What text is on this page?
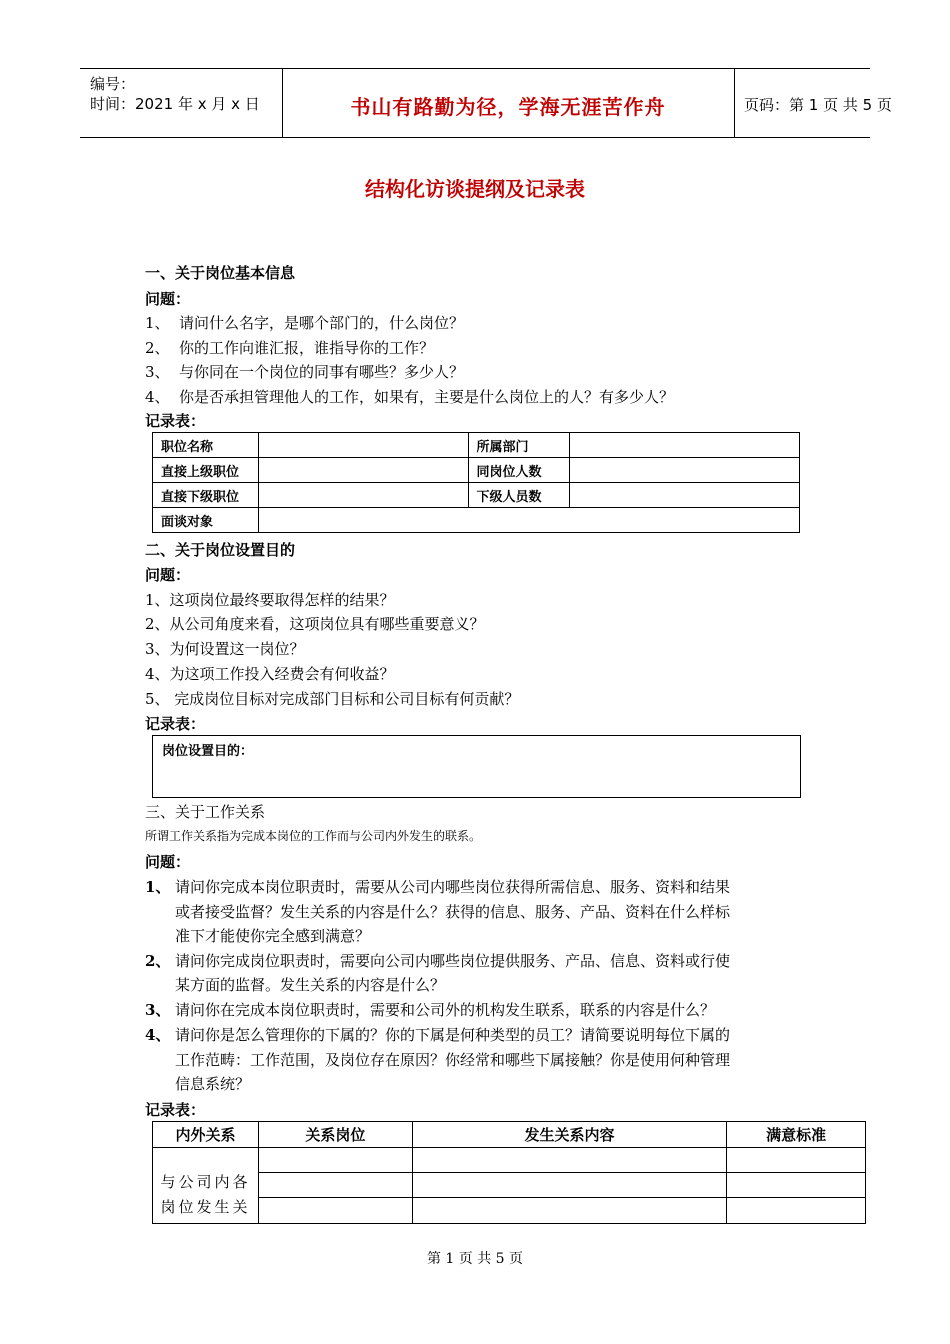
编号：
时间：2021 年 x 月 x 日	书山有路勤为径，学海无涯苦作舟	页码：第 1 页 共 5 页
结构化访谈提纲及记录表
一、关于岗位基本信息
问题：
1、 请问什么名字，是哪个部门的，什么岗位？
2、 你的工作向谁汇报，谁指导你的工作？
3、 与你同在一个岗位的同事有哪些？多少人？
4、 你是否承担管理他人的工作，如果有，主要是什么岗位上的人？有多少人？
记录表：
职位名称		所属部门	
直接上级职位		同岗位人数	
直接下级职位		下级人员数	
面谈对象			
二、关于岗位设置目的
问题：
1、这项岗位最终要取得怎样的结果？
2、从公司角度来看，这项岗位具有哪些重要意义？
3、为何设置这一岗位？
4、为这项工作投入经费会有何收益？
5、 完成岗位目标对完成部门目标和公司目标有何贡献？
记录表：
岗位设置目的：
三、关于工作关系
所谓工作关系指为完成本岗位的工作而与公司内外发生的联系。
问题：
1、 请问你完成本岗位职责时，需要从公司内哪些岗位获得所需信息、服务、资料和结果
或者接受监督？发生关系的内容是什么？获得的信息、服务、产品、资料在什么样标
准下才能使你完全感到满意？
2、 请问你完成岗位职责时，需要向公司内哪些岗位提供服务、产品、信息、资料或行使
某方面的监督。发生关系的内容是什么？
3、 请问你在完成本岗位职责时，需要和公司外的机构发生联系，联系的内容是什么？
4、 请问你是怎么管理你的下属的？你的下属是何种类型的员工？请简要说明每位下属的
工作范畴：工作范围，及岗位存在原因？你经常和哪些下属接触？你是使用何种管理
信息系统？
记录表：
内外关系	关系岗位	发生关系内容	满意标准
与公司内各岗位发生关			

第 1 页 共 5 页
